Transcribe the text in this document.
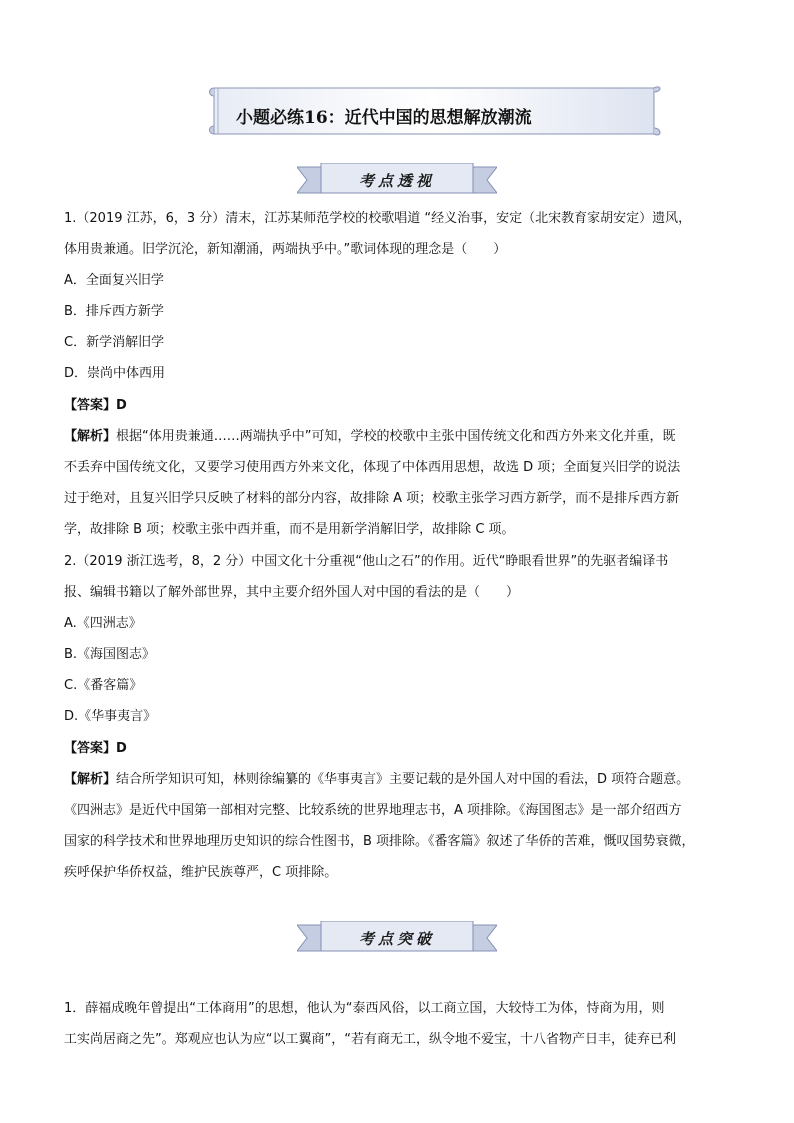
小题必练16：近代中国的思想解放潮流
考点透视
1.（2019 江苏，6，3 分）清末，江苏某师范学校的校歌唱道 “经义治事，安定（北宋教育家胡安定）遗风，
体用贵兼通。旧学沉沦，新知潮涌，两端执乎中。”歌词体现的理念是（　　）
A．全面复兴旧学
B．排斥西方新学
C．新学消解旧学
D．崇尚中体西用
【答案】D
【解析】根据“体用贵兼通……两端执乎中”可知，学校的校歌中主张中国传统文化和西方外来文化并重，既
不丢弃中国传统文化，又要学习使用西方外来文化，体现了中体西用思想，故选 D 项；全面复兴旧学的说法
过于绝对，且复兴旧学只反映了材料的部分内容，故排除 A 项；校歌主张学习西方新学，而不是排斥西方新
学，故排除 B 项；校歌主张中西并重，而不是用新学消解旧学，故排除 C 项。
2.（2019 浙江选考，8，2 分）中国文化十分重视“他山之石”的作用。近代“睁眼看世界”的先驱者编译书
报、编辑书籍以了解外部世界，其中主要介绍外国人对中国的看法的是（　　）
A.《四洲志》
B.《海国图志》
C.《番客篇》
D.《华事夷言》
【答案】D
【解析】结合所学知识可知，林则徐编纂的《华事夷言》主要记载的是外国人对中国的看法，D 项符合题意。
《四洲志》是近代中国第一部相对完整、比较系统的世界地理志书，A 项排除。《海国图志》是一部介绍西方
国家的科学技术和世界地理历史知识的综合性图书，B 项排除。《番客篇》叙述了华侨的苦难，慨叹国势衰微，
疾呼保护华侨权益，维护民族尊严，C 项排除。
考点突破
1．薛福成晚年曾提出“工体商用”的思想，他认为“泰西风俗，以工商立国，大较恃工为体，恃商为用，则
工实尚居商之先”。郑观应也认为应“以工翼商”，“若有商无工，纵令地不爱宝，十八省物产日丰，徒弃已利
